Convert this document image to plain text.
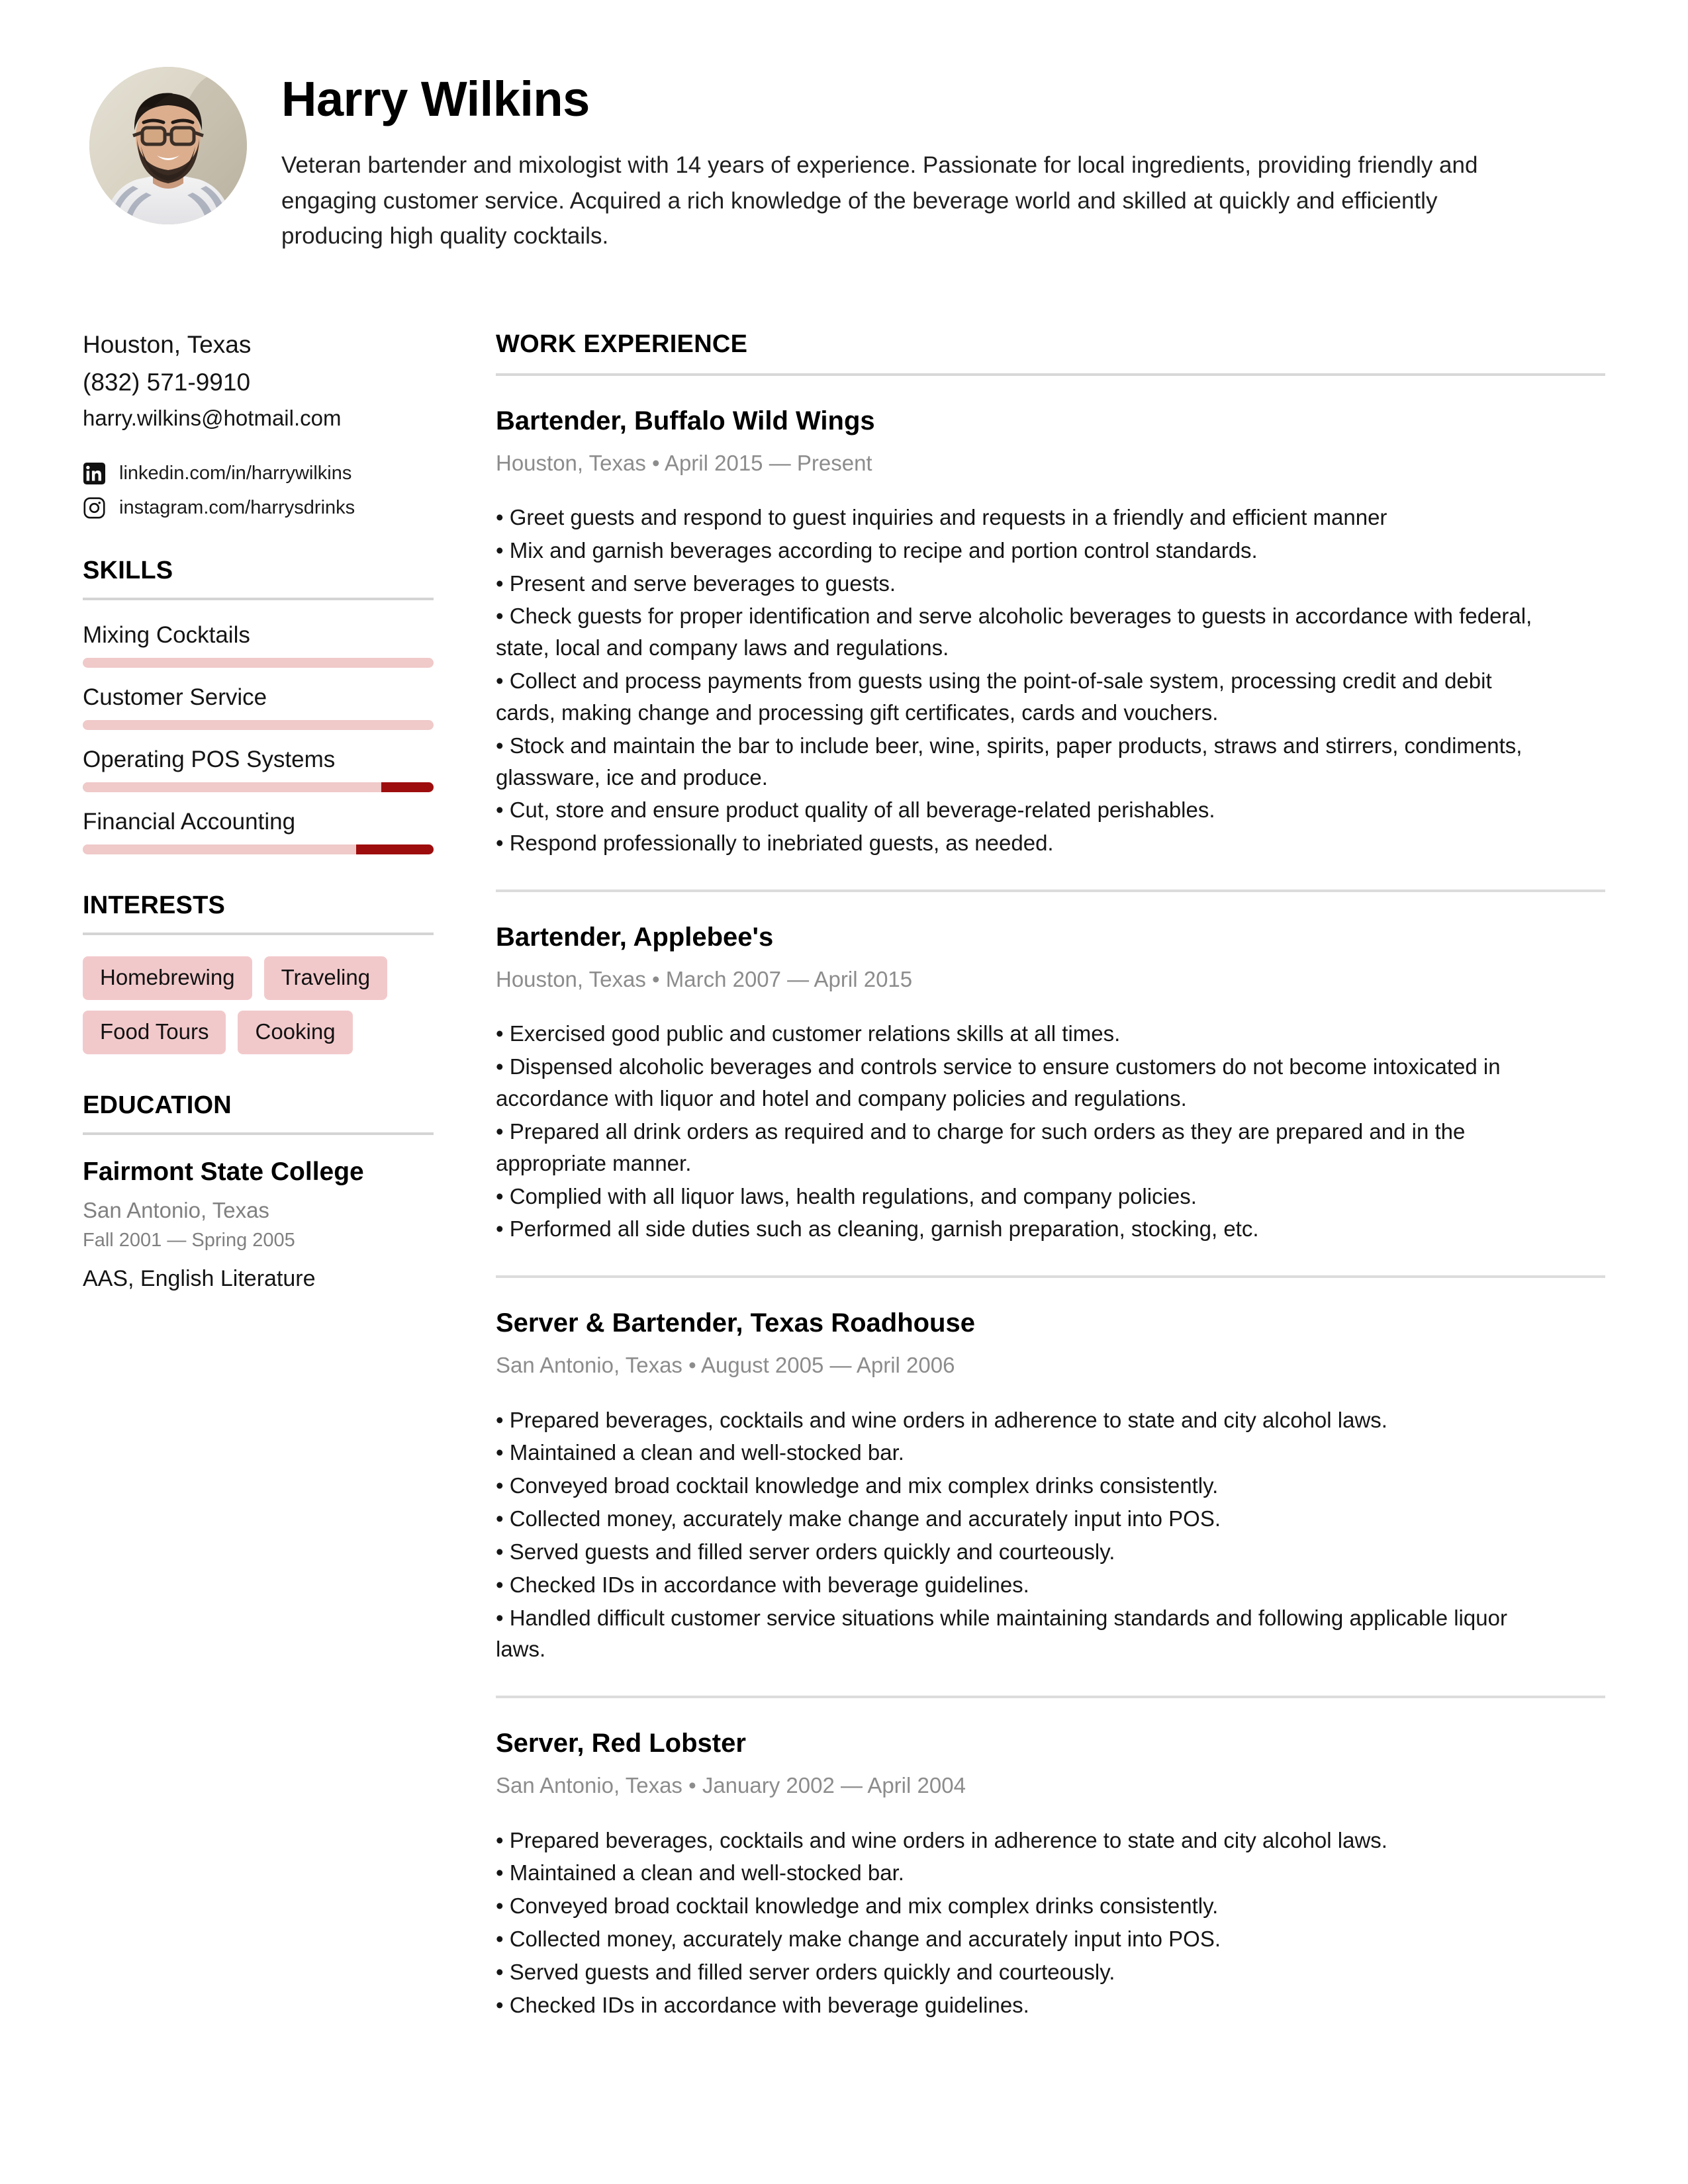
Harry Wilkins
Veteran bartender and mixologist with 14 years of experience. Passionate for local ingredients, providing friendly and engaging customer service. Acquired a rich knowledge of the beverage world and skilled at quickly and efficiently producing high quality cocktails.
Houston, Texas
(832) 571-9910
harry.wilkins@hotmail.com
linkedin.com/in/harrywilkins
instagram.com/harrysdrinks
SKILLS
Mixing Cocktails
Customer Service
Operating POS Systems
Financial Accounting
INTERESTS
Homebrewing	Traveling
Food Tours	Cooking
EDUCATION
Fairmont State College
San Antonio, Texas
Fall 2001 — Spring 2005
AAS, English Literature
WORK EXPERIENCE
Bartender, Buffalo Wild Wings
Houston, Texas • April 2015 — Present
• Greet guests and respond to guest inquiries and requests in a friendly and efficient manner
• Mix and garnish beverages according to recipe and portion control standards.
• Present and serve beverages to guests.
• Check guests for proper identification and serve alcoholic beverages to guests in accordance with federal, state, local and company laws and regulations.
• Collect and process payments from guests using the point-of-sale system, processing credit and debit cards, making change and processing gift certificates, cards and vouchers.
• Stock and maintain the bar to include beer, wine, spirits, paper products, straws and stirrers, condiments, glassware, ice and produce.
• Cut, store and ensure product quality of all beverage-related perishables.
• Respond professionally to inebriated guests, as needed.
Bartender, Applebee's
Houston, Texas • March 2007 — April 2015
• Exercised good public and customer relations skills at all times.
• Dispensed alcoholic beverages and controls service to ensure customers do not become intoxicated in accordance with liquor and hotel and company policies and regulations.
• Prepared all drink orders as required and to charge for such orders as they are prepared and in the appropriate manner.
• Complied with all liquor laws, health regulations, and company policies.
• Performed all side duties such as cleaning, garnish preparation, stocking, etc.
Server & Bartender, Texas Roadhouse
San Antonio, Texas • August 2005 — April 2006
• Prepared beverages, cocktails and wine orders in adherence to state and city alcohol laws.
• Maintained a clean and well-stocked bar.
• Conveyed broad cocktail knowledge and mix complex drinks consistently.
• Collected money, accurately make change and accurately input into POS.
• Served guests and filled server orders quickly and courteously.
• Checked IDs in accordance with beverage guidelines.
• Handled difficult customer service situations while maintaining standards and following applicable liquor laws.
Server, Red Lobster
San Antonio, Texas • January 2002 — April 2004
• Prepared beverages, cocktails and wine orders in adherence to state and city alcohol laws.
• Maintained a clean and well-stocked bar.
• Conveyed broad cocktail knowledge and mix complex drinks consistently.
• Collected money, accurately make change and accurately input into POS.
• Served guests and filled server orders quickly and courteously.
• Checked IDs in accordance with beverage guidelines.
